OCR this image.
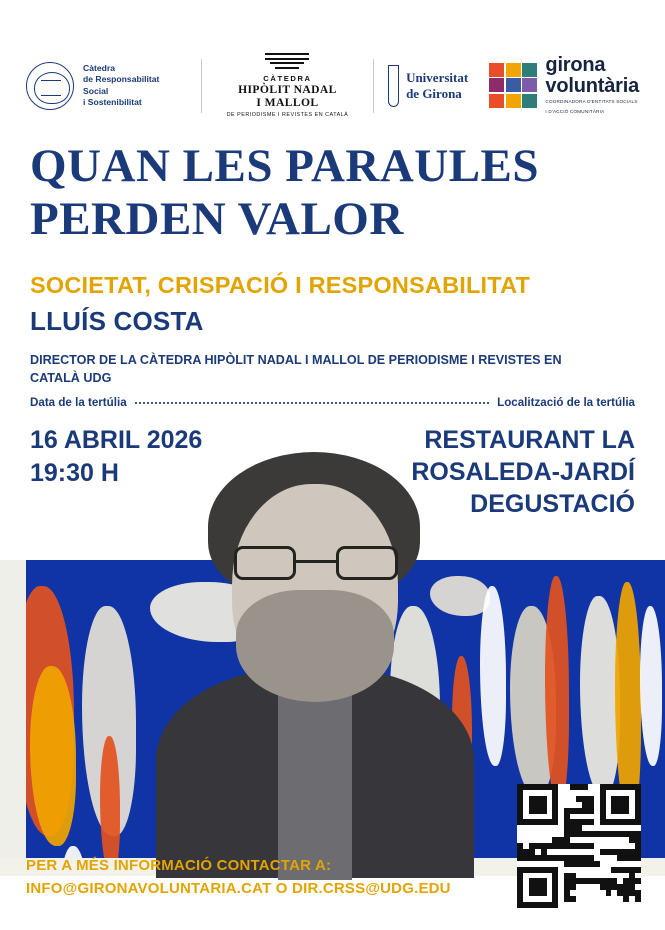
Càtedra
de Responsabilitat Social
i Sostenibilitat
CÀTEDRA
HIPÒLIT NADAL
I MALLOL
DE PERIODISME I REVISTES EN CATALÀ
Universitat
de Girona
girona
voluntària
COORDINADORA D'ENTITATS SOCIALS
I D'ACCIÓ COMUNITÀRIA
QUAN LES PARAULES PERDEN VALOR
SOCIETAT, CRISPACIÓ I RESPONSABILITAT
LLUÍS COSTA
DIRECTOR DE LA CÀTEDRA HIPÒLIT NADAL I MALLOL DE PERIODISME I REVISTES EN CATALÀ UDG
Data de la tertúlia	Localització de la tertúlia
16 ABRIL 2026
19:30 H
RESTAURANT LA ROSALEDA-JARDÍ DEGUSTACIÓ
PER A MÉS INFORMACIÓ CONTACTAR A:
INFO@GIRONAVOLUNTARIA.CAT O DIR.CRSS@UDG.EDU
